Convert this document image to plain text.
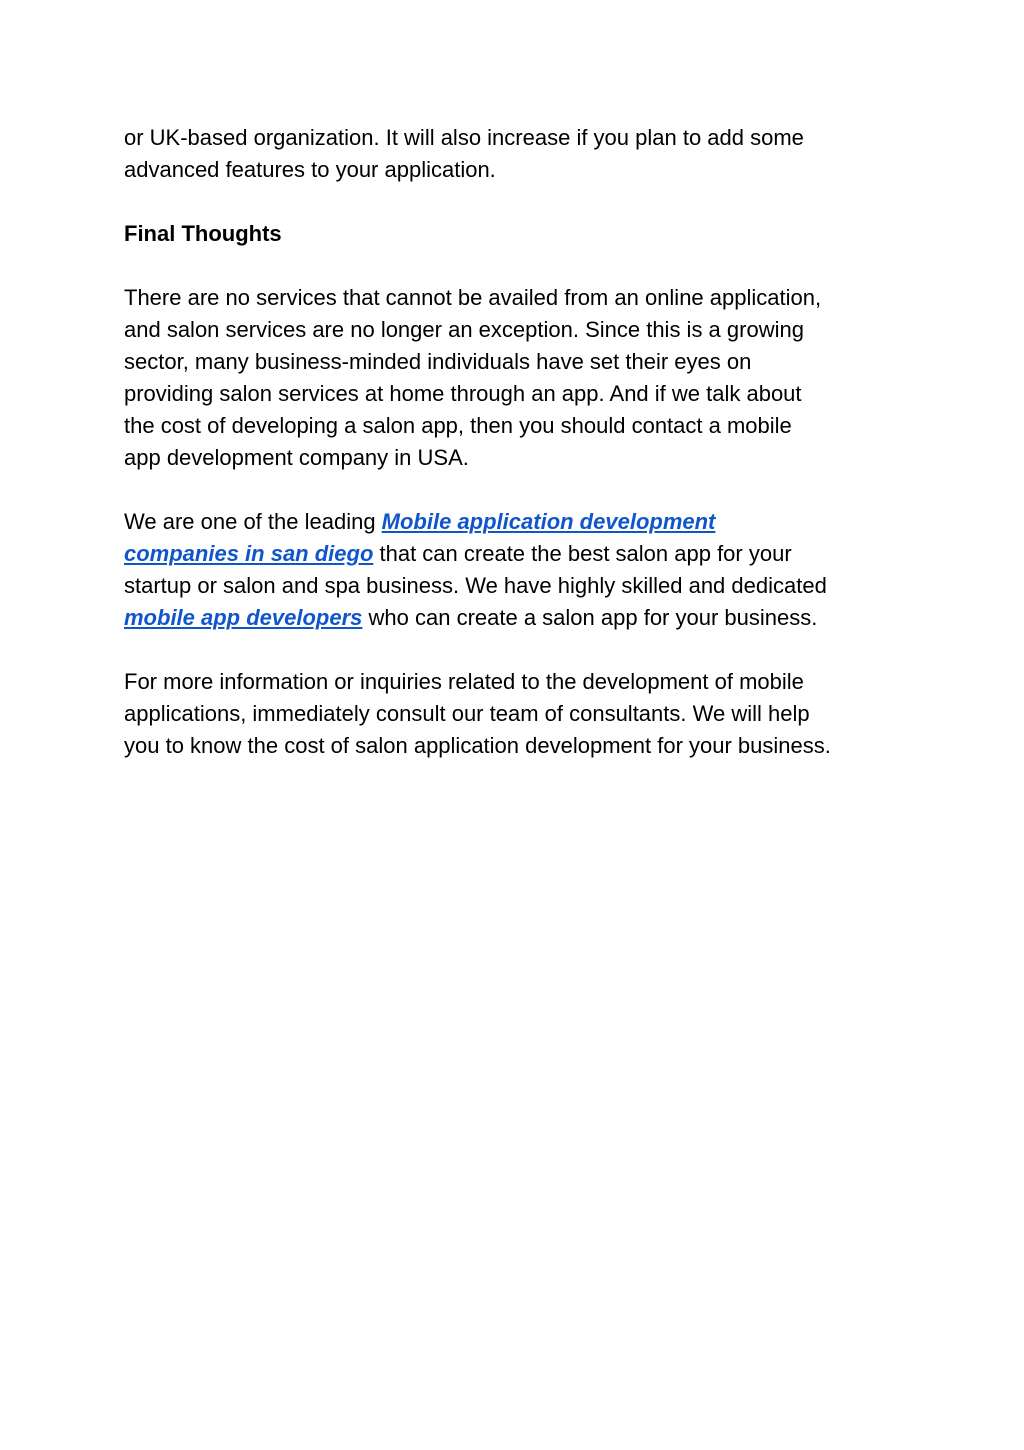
or UK-based organization. It will also increase if you plan to add some

advanced features to your application.

Final Thoughts

There are no services that cannot be availed from an online application,

and salon services are no longer an exception. Since this is a growing

sector, many business-minded individuals have set their eyes on

providing salon services at home through an app. And if we talk about

the cost of developing a salon app, then you should contact a mobile

app development company in USA.

We are one of the leading Mobile application development

companies in san diego that can create the best salon app for your

startup or salon and spa business. We have highly skilled and dedicated

mobile app developers who can create a salon app for your business.

For more information or inquiries related to the development of mobile

applications, immediately consult our team of consultants. We will help

you to know the cost of salon application development for your business.
